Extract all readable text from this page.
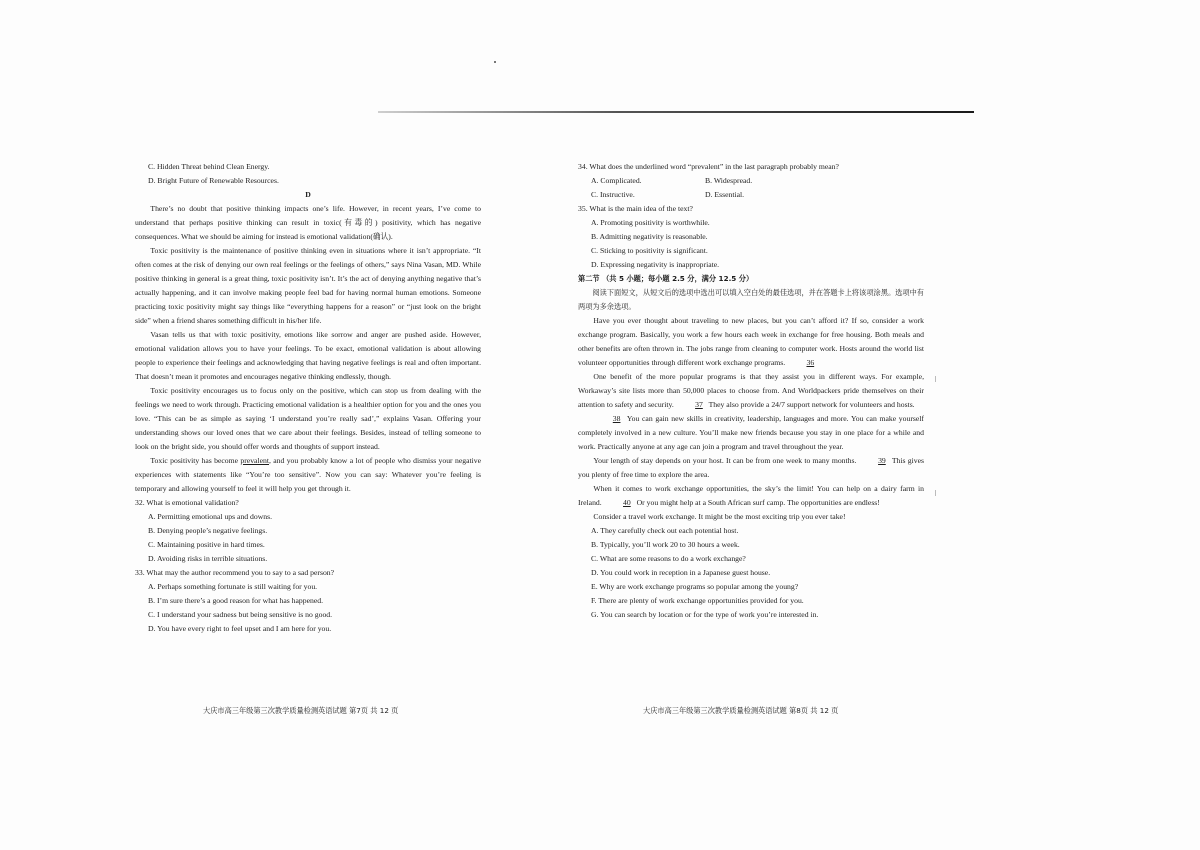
C. Hidden Threat behind Clean Energy.

D. Bright Future of Renewable Resources.

D

There’s no doubt that positive thinking impacts one’s life. However, in recent years, I’ve come to understand that perhaps positive thinking can result in toxic(有毒的) positivity, which has negative consequences. What we should be aiming for instead is emotional validation(确认).

Toxic positivity is the maintenance of positive thinking even in situations where it isn’t appropriate. “It often comes at the risk of denying our own real feelings or the feelings of others,” says Nina Vasan, MD. While positive thinking in general is a great thing, toxic positivity isn’t. It’s the act of denying anything negative that’s actually happening, and it can involve making people feel bad for having normal human emotions. Someone practicing toxic positivity might say things like “everything happens for a reason” or “just look on the bright side” when a friend shares something difficult in his/her life.

Vasan tells us that with toxic positivity, emotions like sorrow and anger are pushed aside. However, emotional validation allows you to have your feelings. To be exact, emotional validation is about allowing people to experience their feelings and acknowledging that having negative feelings is real and often important. That doesn’t mean it promotes and encourages negative thinking endlessly, though.

Toxic positivity encourages us to focus only on the positive, which can stop us from dealing with the feelings we need to work through. Practicing emotional validation is a healthier option for you and the ones you love. “This can be as simple as saying ‘I understand you’re really sad’,” explains Vasan. Offering your understanding shows our loved ones that we care about their feelings. Besides, instead of telling someone to look on the bright side, you should offer words and thoughts of support instead.

Toxic positivity has become prevalent, and you probably know a lot of people who dismiss your negative experiences with statements like “You’re too sensitive”. Now you can say: Whatever you’re feeling is temporary and allowing yourself to feel it will help you get through it.

32. What is emotional validation?

A. Permitting emotional ups and downs.

B. Denying people’s negative feelings.

C. Maintaining positive in hard times.

D. Avoiding risks in terrible situations.

33. What may the author recommend you to say to a sad person?

A. Perhaps something fortunate is still waiting for you.

B. I’m sure there’s a good reason for what has happened.

C. I understand your sadness but being sensitive is no good.

D. You have every right to feel upset and I am here for you.

34. What does the underlined word “prevalent” in the last paragraph probably mean?

A. Complicated.	B. Widespread.
C. Instructive.	D. Essential.

35. What is the main idea of the text?

A. Promoting positivity is worthwhile.

B. Admitting negativity is reasonable.

C. Sticking to positivity is significant.

D. Expressing negativity is inappropriate.

第二节 （共 5 小题；每小题 2.5 分，满分 12.5 分）

阅读下面短文，从短文后的选项中选出可以填入空白处的最佳选项，并在答题卡上将该项涂黑。选项中有两项为多余选项。

Have you ever thought about traveling to new places, but you can’t afford it? If so, consider a work exchange program. Basically, you work a few hours each week in exchange for free housing. Both meals and other benefits are often thrown in. The jobs range from cleaning to computer work. Hosts around the world list volunteer opportunities through different work exchange programs.	36

One benefit of the more popular programs is that they assist you in different ways. For example, Workaway’s site lists more than 50,000 places to choose from. And Worldpackers pride themselves on their attention to safety and security.	37 They also provide a 24/7 support network for volunteers and hosts.

38 You can gain new skills in creativity, leadership, languages and more. You can make yourself completely involved in a new culture. You’ll make new friends because you stay in one place for a while and work. Practically anyone at any age can join a program and travel throughout the year.

Your length of stay depends on your host. It can be from one week to many months.	39 This gives you plenty of free time to explore the area.

When it comes to work exchange opportunities, the sky’s the limit! You can help on a dairy farm in Ireland.	40 Or you might help at a South African surf camp. The opportunities are endless!

Consider a travel work exchange. It might be the most exciting trip you ever take!

A. They carefully check out each potential host.

B. Typically, you’ll work 20 to 30 hours a week.

C. What are some reasons to do a work exchange?

D. You could work in reception in a Japanese guest house.

E. Why are work exchange programs so popular among the young?

F. There are plenty of work exchange opportunities provided for you.

G. You can search by location or for the type of work you’re interested in.

大庆市高三年级第三次教学质量检测英语试题 第7页 共 12 页	大庆市高三年级第三次教学质量检测英语试题 第8页 共 12 页
